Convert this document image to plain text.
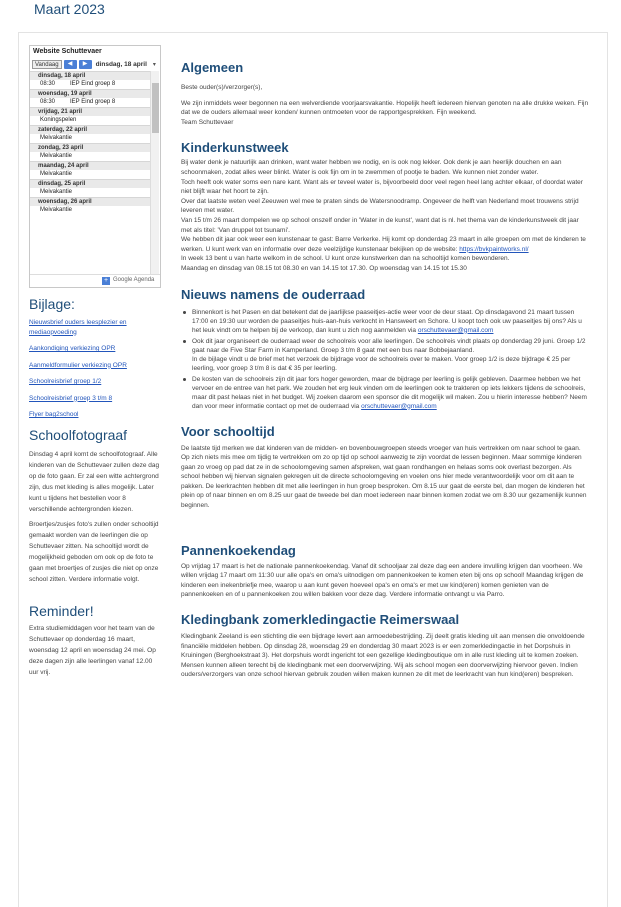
Maart 2023
Website Schuttevaer
Vandaag	◀	▶	dinsdag, 18 april ▾
dinsdag, 18 april
08:30	IEP Eind groep 8
woensdag, 19 april
08:30	IEP Eind groep 8
vrijdag, 21 april
Koningspelen
zaterdag, 22 april
Meivakantie
zondag, 23 april
Meivakantie
maandag, 24 april
Meivakantie
dinsdag, 25 april
Meivakantie
woensdag, 26 april
Meivakantie
+ Google Agenda
Bijlage:
Nieuwsbrief ouders leesplezier en mediaopvoeding
Aankondiging verkiezing OPR
Aanmeldformulier verkiezing OPR
Schoolreisbrief groep 1/2
Schoolreisbrief groep 3 t/m 8
Flyer bag2school
Schoolfotograaf
Dinsdag 4 april komt de schoolfotograaf. Alle kinderen van de Schuttevaer zullen deze dag op de foto gaan. Er zal een witte achtergrond zijn, dus met kleding is alles mogelijk. Later kunt u tijdens het bestellen voor 8 verschillende achtergronden kiezen.
Broertjes/zusjes foto's zullen onder schooltijd gemaakt worden van de leerlingen die op Schuttevaer zitten. Na schooltijd wordt de mogelijkheid geboden om ook op de foto te gaan met broertjes of zusjes die niet op onze school zitten. Verdere informatie volgt.
Reminder!
Extra studiemiddagen voor het team van de Schuttevaer op donderdag 16 maart, woensdag 12 april en woensdag 24 mei. Op deze dagen zijn alle leerlingen vanaf 12.00 uur vrij.
Algemeen
Beste ouder(s)/verzorger(s),
We zijn inmiddels weer begonnen na een welverdiende voorjaarsvakantie. Hopelijk heeft iedereen hiervan genoten na alle drukke weken. Fijn dat we de ouders allemaal weer konden/ kunnen ontmoeten voor de rapportgesprekken. Fijn weekend.
Team Schuttevaer
Kinderkunstweek
Bij water denk je natuurlijk aan drinken, want water hebben we nodig, en is ook nog lekker. Ook denk je aan heerlijk douchen en aan schoonmaken, zodat alles weer blinkt. Water is ook fijn om in te zwemmen of pootje te baden. We kunnen niet zonder water.
Toch heeft ook water soms een nare kant. Want als er teveel water is, bijvoorbeeld door veel regen heel lang achter elkaar, of doordat water niet blijft waar het hoort te zijn.
Over dat laatste weten veel Zeeuwen wel mee te praten sinds de Watersnoodramp. Ongeveer de helft van Nederland moet trouwens strijd leveren met water.
Van 15 t/m 26 maart dompelen we op school onszelf onder in 'Water in de kunst', want dat is nl. het thema van de kinderkunstweek dit jaar met als titel: 'Van druppel tot tsunami'.
We hebben dit jaar ook weer een kunstenaar te gast: Barre Verkerke. Hij komt op donderdag 23 maart in alle groepen om met de kinderen te werken. U kunt werk van en informatie over deze veelzijdige kunstenaar bekijken op de website: https://bvkpaintworks.nl/
In week 13 bent u van harte welkom in de school. U kunt onze kunstwerken dan na schooltijd komen bewonderen.
Maandag en dinsdag van 08.15 tot 08.30 en van 14.15 tot 17.30. Op woensdag van 14.15 tot 15.30
Nieuws namens de ouderraad
Binnenkort is het Pasen en dat betekent dat de jaarlijkse paaseitjes-actie weer voor de deur staat. Op dinsdagavond 21 maart tussen 17:00 en 19:30 uur worden de paaseitjes huis-aan-huis verkocht in Hansweert en Schore. U koopt toch ook uw paaseitjes bij ons? Als u het leuk vindt om te helpen bij de verkoop, dan kunt u zich nog aanmelden via orschuttevaer@gmail.com
Ook dit jaar organiseert de ouderraad weer de schoolreis voor alle leerlingen. De schoolreis vindt plaats op donderdag 29 juni. Groep 1/2 gaat naar de Five Star Farm in Kamperland. Groep 3 t/m 8 gaat met een bus naar Bobbejaanland.
In de bijlage vindt u de brief met het verzoek de bijdrage voor de schoolreis over te maken. Voor groep 1/2 is deze bijdrage € 25 per leerling, voor groep 3 t/m 8 is dat € 35 per leerling.
De kosten van de schoolreis zijn dit jaar fors hoger geworden, maar de bijdrage per leerling is gelijk gebleven. Daarmee hebben we het vervoer en de entree van het park. We zouden het erg leuk vinden om de leerlingen ook te trakteren op iets lekkers tijdens de schoolreis, maar dit past helaas niet in het budget. Wij zoeken daarom een sponsor die dit mogelijk wil maken. Zou u hierin interesse hebben? Neem dan voor meer informatie contact op met de ouderraad via orschuttevaer@gmail.com
Voor schooltijd
De laatste tijd merken we dat kinderen van de midden- en bovenbouwgroepen steeds vroeger van huis vertrekken om naar school te gaan. Op zich niets mis mee om tijdig te vertrekken om zo op tijd op school aanwezig te zijn voordat de lessen beginnen. Maar sommige kinderen gaan zo vroeg op pad dat ze in de schoolomgeving samen afspreken, wat gaan rondhangen en helaas soms ook overlast bezorgen. Als school hebben wij hiervan signalen gekregen uit de directe schoolomgeving en voelen ons hier mede verantwoordelijk voor om dit aan te pakken. De leerkrachten hebben dit met alle leerlingen in hun groep besproken. Om 8.15 uur gaat de eerste bel, dan mogen de kinderen het plein op of naar binnen en om 8.25 uur gaat de tweede bel dan moet iedereen naar binnen komen zodat we om 8.30 uur gezamenlijk kunnen beginnen.
Pannenkoekendag
Op vrijdag 17 maart is het de nationale pannenkoekendag. Vanaf dit schooljaar zal deze dag een andere invulling krijgen dan voorheen. We willen vrijdag 17 maart om 11:30 uur alle opa's en oma's uitnodigen om pannenkoeken te komen eten bij ons op school! Maandag krijgen de kinderen een inekenbriefje mee, waarop u aan kunt geven hoeveel opa's en oma's er met uw kind(eren) komen genieten van de pannenkoeken en of u pannenkoeken zou willen bakken voor deze dag. Verdere informatie ontvangt u via Parro.
Kledingbank zomerkledingactie Reimerswaal
Kledingbank Zeeland is een stichting die een bijdrage levert aan armoedebestrijding. Zij deelt gratis kleding uit aan mensen die onvoldoende financiële middelen hebben. Op dinsdag 28, woensdag 29 en donderdag 30 maart 2023 is er een zomerkledingactie in het Dorpshuis in Kruiningen (Berghoekstraat 3). Het dorpshuis wordt ingericht tot een gezellige kledingboutique om in alle rust kleding uit te komen zoeken. Mensen kunnen alleen terecht bij de kledingbank met een doorverwijzing. Wij als school mogen een doorverwijzing hiervoor geven. Indien ouders/verzorgers van onze school hiervan gebruik zouden willen maken kunnen ze dit met de leerkracht van hun kind(eren) bespreken.
